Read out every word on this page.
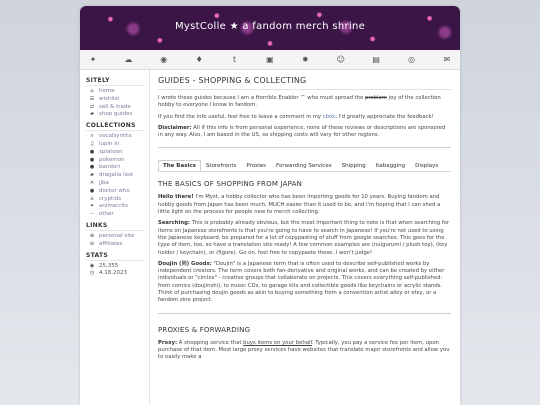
MystColle ★ a fandom merch shrine
✦	☁	◉	♦	t	▣	✸	☺	▤	◎	✉
SITELY
⌂ home
☰ wishlist
⇄ sell & trade
▰ shop guides
COLLECTIONS
∩ vocalsynths
♫ lupin iii
● splatoon
● pokemon
● bandori
▰ dragalia lost
✕ jjba
● doctor who
☠ cryptids
✦ animecrits
··· other
LINKS
⊕ personal site
⊖ affiliates
STATS
◉ 25,355
◷ 4.18.2023
GUIDES - SHOPPING & COLLECTING

I wrote these guides because I am a Horrible Enabler ™ who must spread the problem joy of the collection hobby to everyone I know in fandom.

If you find the info useful, feel free to leave a comment in my cbox, I'd greatly appreciate the feedback!

Disclaimer: All if this info is from personal experience, none of these reviews or descriptions are sponsored in any way. Also, I am based in the US, so shipping costs will vary for other regions.

The Basics	Storefronts	Proxies	Forwarding Services	Shipping	Itabagging	Displays
THE BASICS OF SHOPPING FROM JAPAN

Hello there! I'm Myst, a hobby collector who has been importing goods for 10 years. Buying fandom and hobby goods from Japan has been much, MUCH easier than it used to be, and I'm hoping that I can shed a little light on the process for people new to merch collecting.

Searching: This is probably already obvious, but the most important thing to note is that when searching for items on Japanese storefronts is that you're going to have to search in Japanese! If you're not used to using the Japanese keyboard, be prepared for a lot of copypasting of stuff from google searches. This goes for the type of item, too, so have a translation site ready! A few common examples are (nuigurumi / plush toy), (key holder / keychain), or (figure). Go on. feel free to copypaste those, I won't judge!

Doujin (同) Goods: "Doujin" is a Japanese term that is often used to describe self-published works by independent creators. The term covers both fan-derivative and original works, and can be created by either individuals or "circles" - creative groups that collaborate on projects. This covers everything self-published: from comics (doujinshi), to music CDs, to garage kits and collectible goods like keychains or acrylic stands. Think of purchasing doujin goods as akin to buying something from a convention artist alley or etsy, or a fandom zine project.

PROXIES & FORWARDING

Proxy: A shopping service that buys items on your behalf. Typically, you pay a service fee per item, upon purchase of that item. Most large proxy services have websites that translate major storefronts and allow you to easily make a
